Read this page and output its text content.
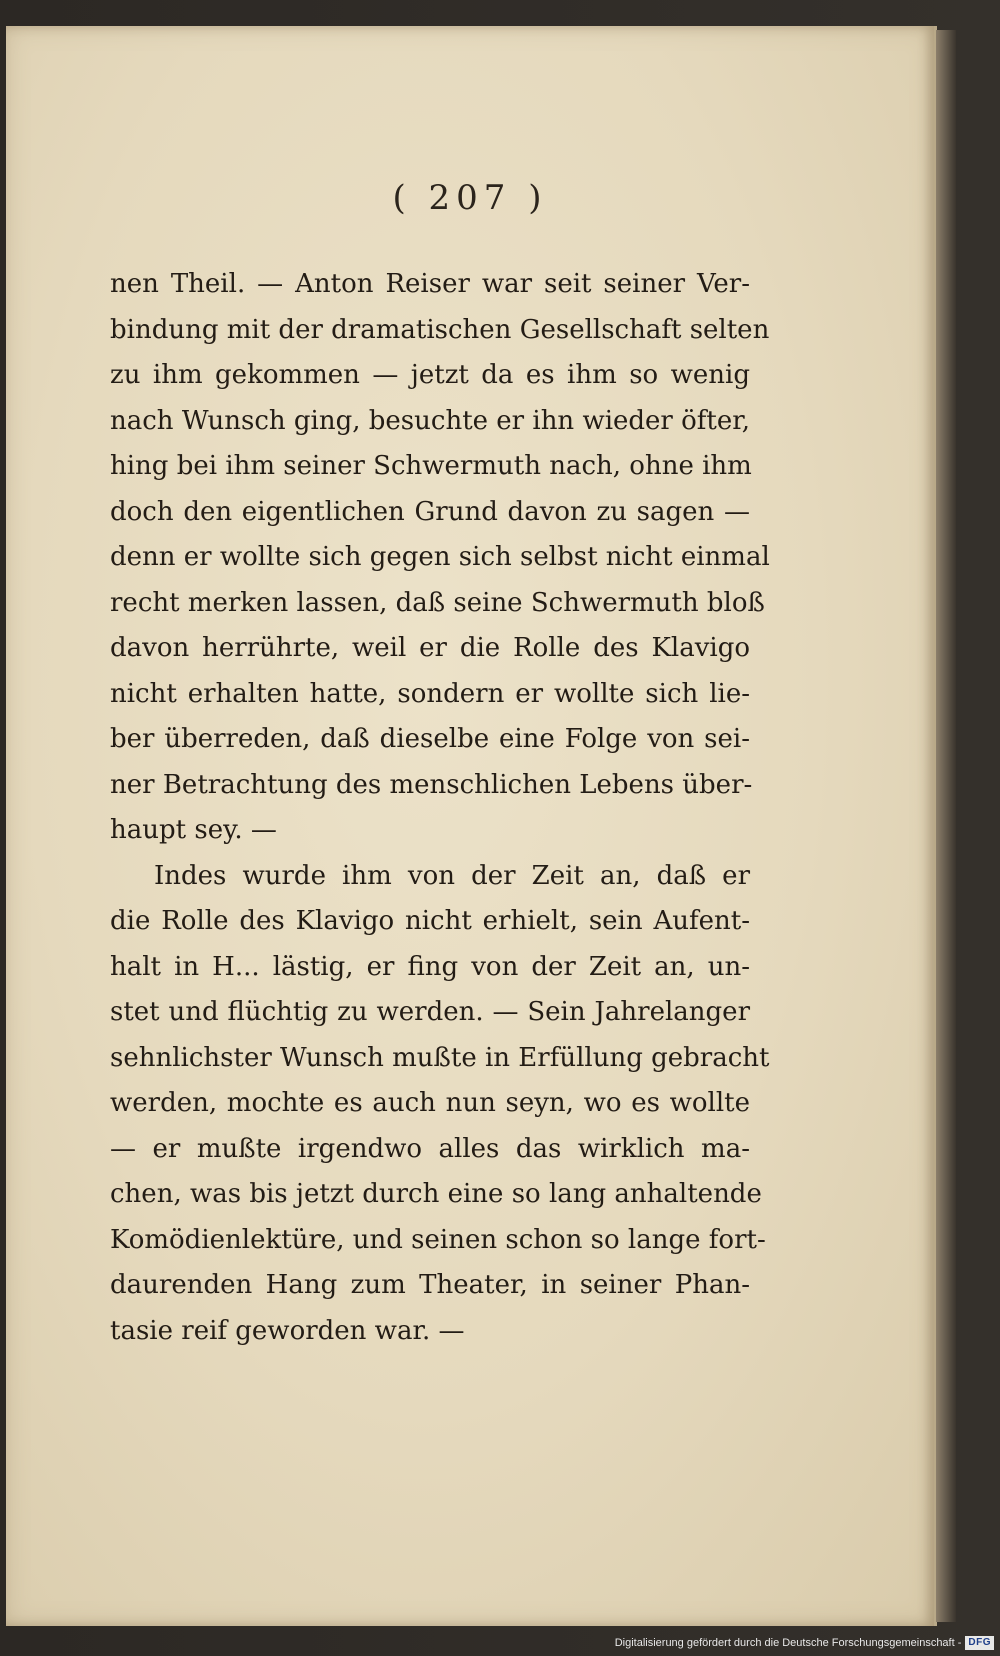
( 207 )
nen Theil. — Anton Reiser war seit seiner Ver-
bindung mit der dramatischen Gesellschaft selten
zu ihm gekommen — jetzt da es ihm so wenig
nach Wunsch ging, besuchte er ihn wieder öfter,
hing bei ihm seiner Schwermuth nach, ohne ihm
doch den eigentlichen Grund davon zu sagen —
denn er wollte sich gegen sich selbst nicht einmal
recht merken lassen, daß seine Schwermuth bloß
davon herrührte, weil er die Rolle des Klavigo
nicht erhalten hatte, sondern er wollte sich lie-
ber überreden, daß dieselbe eine Folge von sei-
ner Betrachtung des menschlichen Lebens über-
haupt sey. —
Indes wurde ihm von der Zeit an, daß er
die Rolle des Klavigo nicht erhielt, sein Aufent-
halt in H... lästig, er fing von der Zeit an, un-
stet und flüchtig zu werden. — Sein Jahrelanger
sehnlichster Wunsch mußte in Erfüllung gebracht
werden, mochte es auch nun seyn, wo es wollte
— er mußte irgendwo alles das wirklich ma-
chen, was bis jetzt durch eine so lang anhaltende
Komödienlektüre, und seinen schon so lange fort-
daurenden Hang zum Theater, in seiner Phan-
tasie reif geworden war. —
Digitalisierung gefördert durch die Deutsche Forschungsgemeinschaft - DFG
